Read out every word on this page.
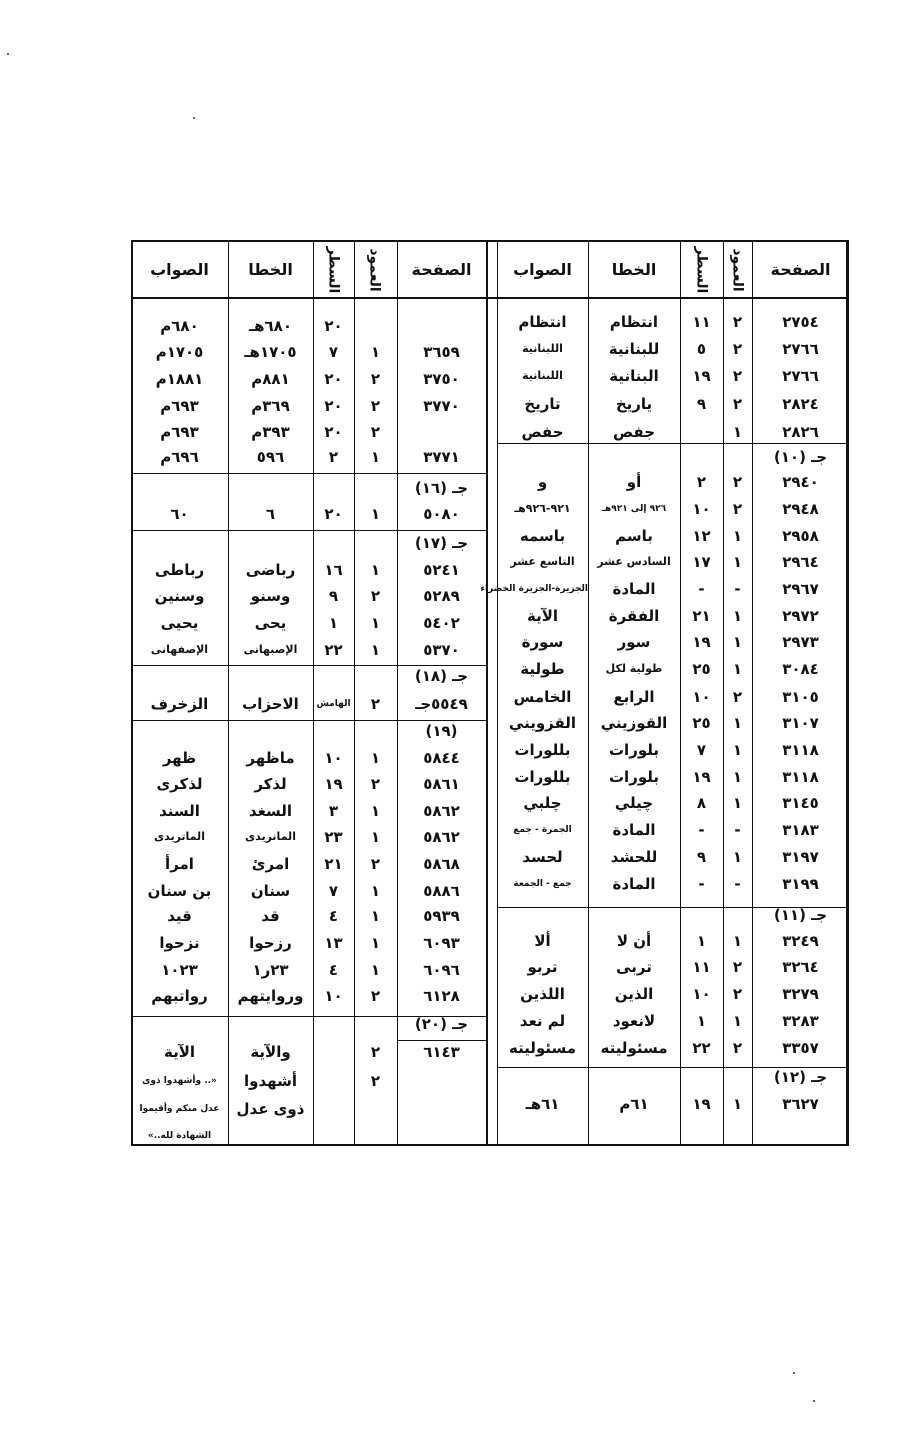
الصفحة
العمود
السطر
الخطا
الصواب
الصفحة
العمود
السطر
الخطا
الصواب
٢٧٥٤
٢
١١
انتظام
انتظام
٢٧٦٦
٢
٥
للبنانية
اللبنانية
٢٧٦٦
٢
١٩
البنانية
اللبنانية
٢٨٢٤
٢
٩
ياريخ
تاريخ
٢٨٢٦
١
جفص
حفص
جـ (١٠)
٢٩٤٠
٢
٢
أو
و
٢٩٤٨
٢
١٠
٩٢٦ إلى ٩٢١هـ
٩٢١-٩٢٦هـ
٢٩٥٨
١
١٢
باسم
باسمه
٢٩٦٤
١
١٧
السادس عشر
التاسع عشر
٢٩٦٧
-
-
المادة
الجزيرة-الجزيرة الخضراء
٢٩٧٢
١
٢١
الفقرة
الآية
٢٩٧٣
١
١٩
سور
سورة
٣٠٨٤
١
٢٥
طولية لكل
طولية
٣١٠٥
٢
١٠
الرابع
الخامس
٣١٠٧
١
٢٥
القوزيني
القزويني
٣١١٨
١
٧
بلورات
بللورات
٣١١٨
١
١٩
بلورات
بللورات
٣١٤٥
١
٨
چيلي
چلبي
٣١٨٣
-
-
المادة
الجمرة - جمع
٣١٩٧
١
٩
للحشد
لحسد
٣١٩٩
-
-
المادة
جمع - الجمعة
جـ (١١)
٣٢٤٩
١
١
أن لا
ألا
٣٢٦٤
٢
١١
تربى
تربو
٣٢٧٩
٢
١٠
الذين
اللذين
٣٢٨٣
١
١
لانعود
لم نعد
٣٣٥٧
٢
٢٢
مسئوليته
مسئوليته
جـ (١٢)
٣٦٢٧
١
١٩
٦١م
٦١هـ
٢٠
٦٨٠هـ
٦٨٠م
٣٦٥٩
١
٧
١٧٠٥هـ
١٧٠٥م
٣٧٥٠
٢
٢٠
٨٨١م
١٨٨١م
٣٧٧٠
٢
٢٠
٣٦٩م
٦٩٣م
٢
٢٠
٣٩٣م
٦٩٣م
٣٧٧١
١
٢
٥٩٦
٦٩٦م
جـ (١٦)
٥٠٨٠
١
٢٠
٦
٦٠
جـ (١٧)
٥٢٤١
١
١٦
رباضى
رباطى
٥٢٨٩
٢
٩
وسنو
وسنين
٥٤٠٢
١
١
يحى
يحيى
٥٣٧٠
١
٢٢
الإصبهانى
الإصفهانى
جـ (١٨)
٥٥٤٩جـ
٢
الهامش
الاحزاب
الزخرف
(١٩)
٥٨٤٤
١
١٠
ماظهر
ظهر
٥٨٦١
٢
١٩
لذكر
لذكرى
٥٨٦٢
١
٣
السغد
السند
٥٨٦٢
١
٢٣
المانريدى
الماتريدى
٥٨٦٨
٢
٢١
امرئ
امرأ
٥٨٨٦
١
٧
سنان
بن سنان
٥٩٣٩
١
٤
قد
قيد
٦٠٩٣
١
١٣
رزحوا
نزحوا
٦٠٩٦
١
٤
٢٣ر١
١٠٢٣
٦١٢٨
٢
١٠
وروايتهم
رواتبهم
جـ (٢٠)
٦١٤٣
٢
والآية
الآية
٢
أشهدوا
«.. وأشهدوا ذوى
ذوى عدل
عدل منكم وأقيموا
الشهادة لله..»
